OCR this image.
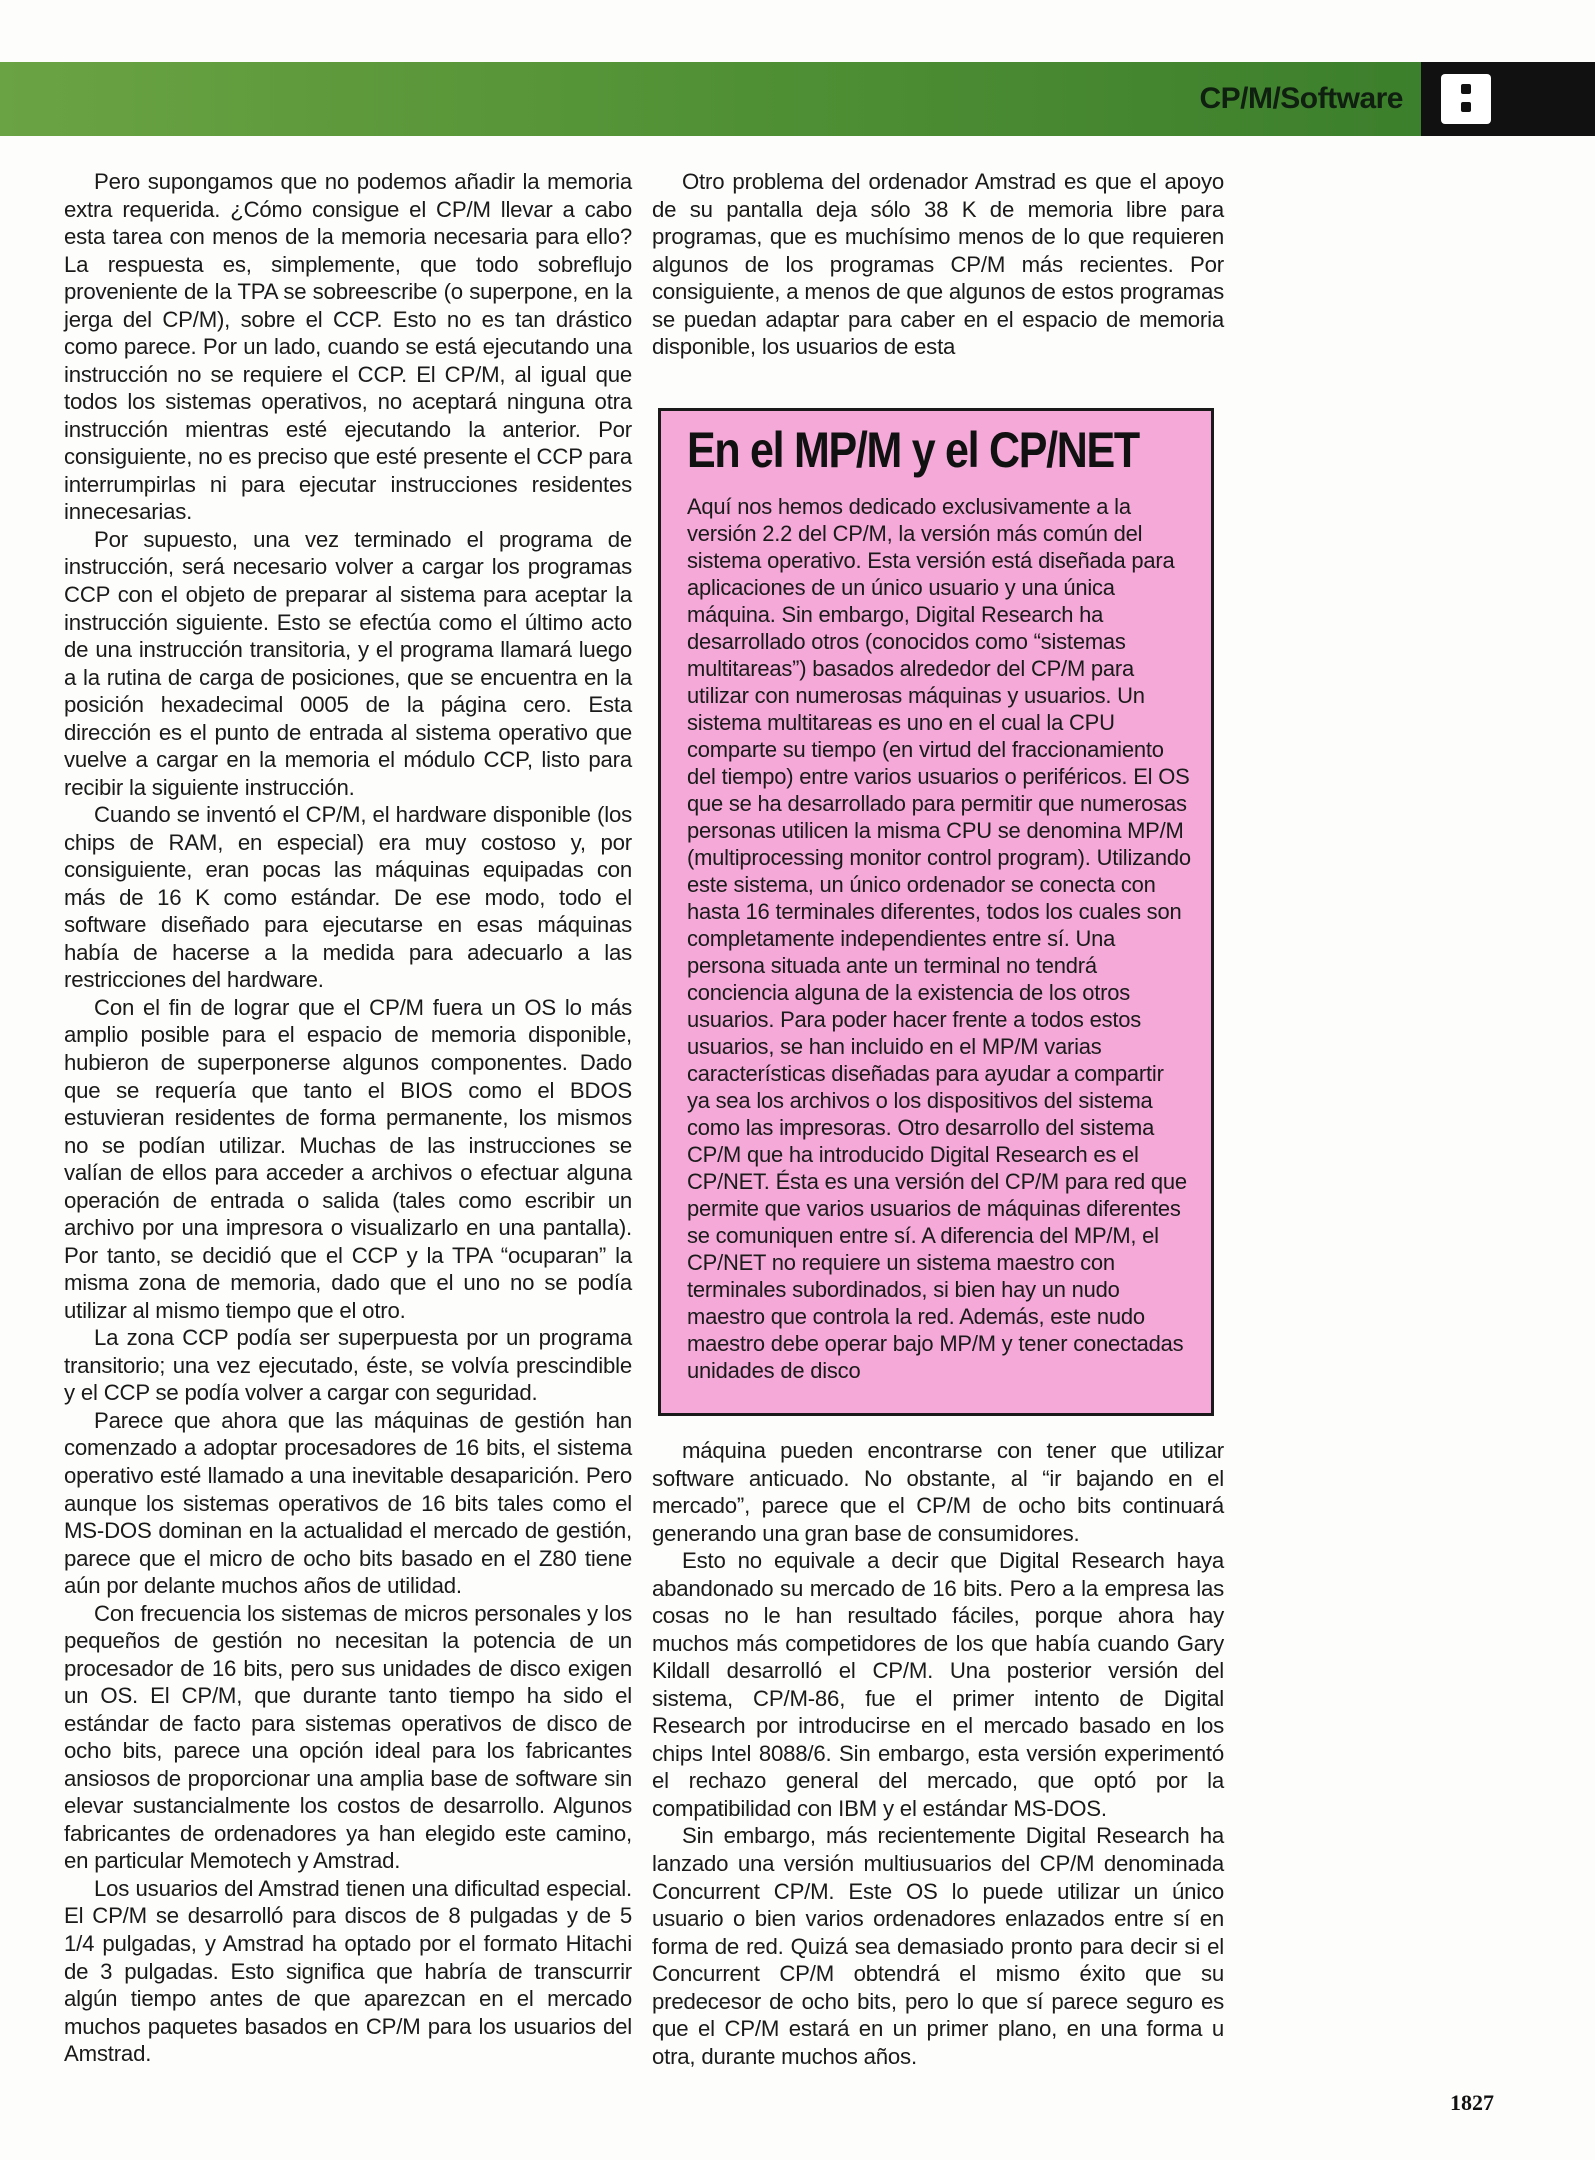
CP/M/Software

Pero supongamos que no podemos añadir la memoria extra requerida. ¿Cómo consigue el CP/M llevar a cabo esta tarea con menos de la memoria necesaria para ello? La respuesta es, simplemente, que todo sobreflujo proveniente de la TPA se sobreescribe (o superpone, en la jerga del CP/M), sobre el CCP. Esto no es tan drástico como parece. Por un lado, cuando se está ejecutando una instrucción no se requiere el CCP. El CP/M, al igual que todos los sistemas operativos, no aceptará ninguna otra instrucción mientras esté ejecutando la anterior. Por consiguiente, no es preciso que esté presente el CCP para interrumpirlas ni para ejecutar instrucciones residentes innecesarias.

Por supuesto, una vez terminado el programa de instrucción, será necesario volver a cargar los programas CCP con el objeto de preparar al sistema para aceptar la instrucción siguiente. Esto se efectúa como el último acto de una instrucción transitoria, y el programa llamará luego a la rutina de carga de posiciones, que se encuentra en la posición hexadecimal 0005 de la página cero. Esta dirección es el punto de entrada al sistema operativo que vuelve a cargar en la memoria el módulo CCP, listo para recibir la siguiente instrucción.

Cuando se inventó el CP/M, el hardware disponible (los chips de RAM, en especial) era muy costoso y, por consiguiente, eran pocas las máquinas equipadas con más de 16 K como estándar. De ese modo, todo el software diseñado para ejecutarse en esas máquinas había de hacerse a la medida para adecuarlo a las restricciones del hardware.

Con el fin de lograr que el CP/M fuera un OS lo más amplio posible para el espacio de memoria disponible, hubieron de superponerse algunos componentes. Dado que se requería que tanto el BIOS como el BDOS estuvieran residentes de forma permanente, los mismos no se podían utilizar. Muchas de las instrucciones se valían de ellos para acceder a archivos o efectuar alguna operación de entrada o salida (tales como escribir un archivo por una impresora o visualizarlo en una pantalla). Por tanto, se decidió que el CCP y la TPA “ocuparan” la misma zona de memoria, dado que el uno no se podía utilizar al mismo tiempo que el otro.

La zona CCP podía ser superpuesta por un programa transitorio; una vez ejecutado, éste, se volvía prescindible y el CCP se podía volver a cargar con seguridad.

Parece que ahora que las máquinas de gestión han comenzado a adoptar procesadores de 16 bits, el sistema operativo esté llamado a una inevitable desaparición. Pero aunque los sistemas operativos de 16 bits tales como el MS-DOS dominan en la actualidad el mercado de gestión, parece que el micro de ocho bits basado en el Z80 tiene aún por delante muchos años de utilidad.

Con frecuencia los sistemas de micros personales y los pequeños de gestión no necesitan la potencia de un procesador de 16 bits, pero sus unidades de disco exigen un OS. El CP/M, que durante tanto tiempo ha sido el estándar de facto para sistemas operativos de disco de ocho bits, parece una opción ideal para los fabricantes ansiosos de proporcionar una amplia base de software sin elevar sustancialmente los costos de desarrollo. Algunos fabricantes de ordenadores ya han elegido este camino, en particular Memotech y Amstrad.

Los usuarios del Amstrad tienen una dificultad especial. El CP/M se desarrolló para discos de 8 pulgadas y de 5 1/4 pulgadas, y Amstrad ha optado por el formato Hitachi de 3 pulgadas. Esto significa que habría de transcurrir algún tiempo antes de que aparezcan en el mercado muchos paquetes basados en CP/M para los usuarios del Amstrad.

Otro problema del ordenador Amstrad es que el apoyo de su pantalla deja sólo 38 K de memoria libre para programas, que es muchísimo menos de lo que requieren algunos de los programas CP/M más recientes. Por consiguiente, a menos de que algunos de estos programas se puedan adaptar para caber en el espacio de memoria disponible, los usuarios de esta

En el MP/M y el CP/NET
Aquí nos hemos dedicado exclusivamente a la versión 2.2 del CP/M, la versión más común del sistema operativo. Esta versión está diseñada para aplicaciones de un único usuario y una única máquina. Sin embargo, Digital Research ha desarrollado otros (conocidos como “sistemas multitareas”) basados alrededor del CP/M para utilizar con numerosas máquinas y usuarios. Un sistema multitareas es uno en el cual la CPU comparte su tiempo (en virtud del fraccionamiento del tiempo) entre varios usuarios o periféricos. El OS que se ha desarrollado para permitir que numerosas personas utilicen la misma CPU se denomina MP/M (multiprocessing monitor control program). Utilizando este sistema, un único ordenador se conecta con hasta 16 terminales diferentes, todos los cuales son completamente independientes entre sí. Una persona situada ante un terminal no tendrá conciencia alguna de la existencia de los otros usuarios. Para poder hacer frente a todos estos usuarios, se han incluido en el MP/M varias características diseñadas para ayudar a compartir ya sea los archivos o los dispositivos del sistema como las impresoras. Otro desarrollo del sistema CP/M que ha introducido Digital Research es el CP/NET. Ésta es una versión del CP/M para red que permite que varios usuarios de máquinas diferentes se comuniquen entre sí. A diferencia del MP/M, el CP/NET no requiere un sistema maestro con terminales subordinados, si bien hay un nudo maestro que controla la red. Además, este nudo maestro debe operar bajo MP/M y tener conectadas unidades de disco

máquina pueden encontrarse con tener que utilizar software anticuado. No obstante, al “ir bajando en el mercado”, parece que el CP/M de ocho bits continuará generando una gran base de consumidores.

Esto no equivale a decir que Digital Research haya abandonado su mercado de 16 bits. Pero a la empresa las cosas no le han resultado fáciles, porque ahora hay muchos más competidores de los que había cuando Gary Kildall desarrolló el CP/M. Una posterior versión del sistema, CP/M-86, fue el primer intento de Digital Research por introducirse en el mercado basado en los chips Intel 8088/6. Sin embargo, esta versión experimentó el rechazo general del mercado, que optó por la compatibilidad con IBM y el estándar MS-DOS.

Sin embargo, más recientemente Digital Research ha lanzado una versión multiusuarios del CP/M denominada Concurrent CP/M. Este OS lo puede utilizar un único usuario o bien varios ordenadores enlazados entre sí en forma de red. Quizá sea demasiado pronto para decir si el Concurrent CP/M obtendrá el mismo éxito que su predecesor de ocho bits, pero lo que sí parece seguro es que el CP/M estará en un primer plano, en una forma u otra, durante muchos años.

1827
